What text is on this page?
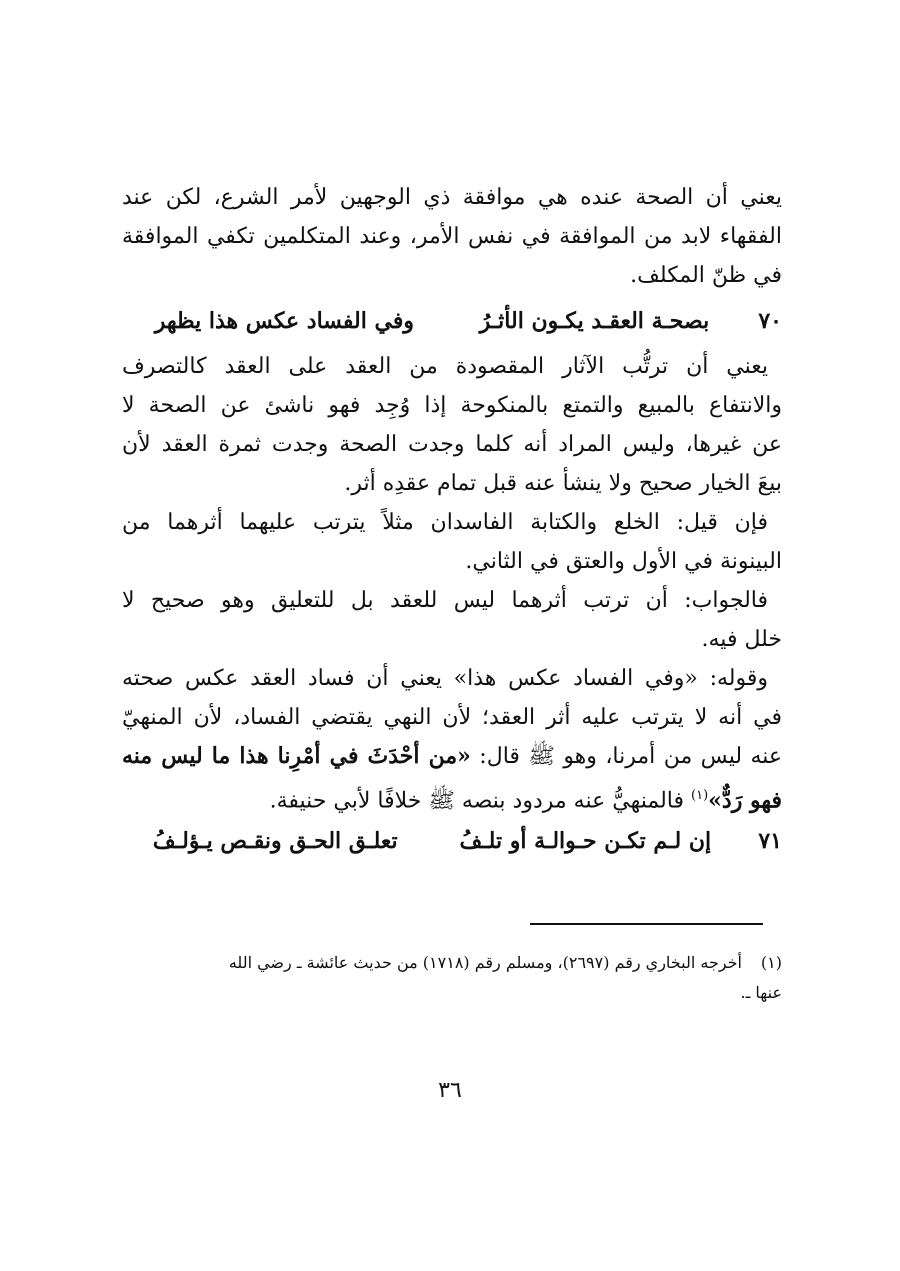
يعني أن الصحة عنده هي موافقة ذي الوجهين لأمر الشرع، لكن عند
الفقهاء لابد من الموافقة في نفس الأمر، وعند المتكلمين تكفي الموافقة
في ظنّ المكلف.
٧٠
بصحـة العقـد يكـون الأثـرُ
وفي الفساد عكس هذا يظهر
يعني أن ترتُّب الآثار المقصودة من العقد على العقد كالتصرف
والانتفاع بالمبيع والتمتع بالمنكوحة إذا وُجِد فهو ناشئ عن الصحة لا
عن غيرها، وليس المراد أنه كلما وجدت الصحة وجدت ثمرة العقد لأن
بيعَ الخيار صحيح ولا ينشأ عنه قبل تمام عقدِه أثر.
فإن قيل: الخلع والكتابة الفاسدان مثلاً يترتب عليهما أثرهما من
البينونة في الأول والعتق في الثاني.
فالجواب: أن ترتب أثرهما ليس للعقد بل للتعليق وهو صحيح لا
خلل فيه.
وقوله: «وفي الفساد عكس هذا» يعني أن فساد العقد عكس صحته
في أنه لا يترتب عليه أثر العقد؛ لأن النهي يقتضي الفساد، لأن المنهيّ
عنه ليس من أمرنا، وهو ﷺ قال: «من أحْدَثَ في أمْرِنا هذا ما ليس منه
فهو رَدٌّ»$^{(١)}$ فالمنهيُّ عنه مردود بنصه ﷺ خلافًا لأبي حنيفة.
٧١
إن لـم تكـن حـوالـة أو تلـفُ
تعلـق الحـق ونقـص يـؤلـفُ
(١)أخرجه البخاري رقم (٢٦٩٧)، ومسلم رقم (١٧١٨) من حديث عائشة ـ رضي الله
عنها ـ.
٣٦
